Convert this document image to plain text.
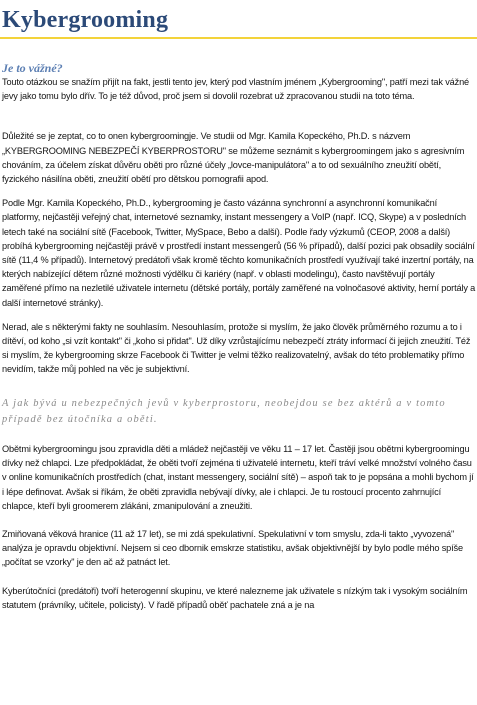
Kybergrooming
Je to vážné?

Touto otázkou se snažím přijít na fakt, jestli tento jev, který pod vlastním jménem „Kybergrooming", patří mezi tak vážné jevy jako tomu bylo dřív. To je též důvod, proč jsem si dovolil rozebrat už zpracovanou studii na toto téma.

Důležité se je zeptat, co to onen kybergroomingje. Ve studii od Mgr. Kamila Kopeckého, Ph.D. s názvem „KYBERGROOMING NEBEZPEČÍ KYBERPROSTORU" se můžeme seznámit s kybergroomingem jako s agresivním chováním, za účelem získat důvěru oběti pro různé účely „lovce-manipulátora" a to od sexuálního zneužití obětí, fyzického násilína oběti, zneužití obětí pro dětskou pornografii apod.

Podle Mgr. Kamila Kopeckého, Ph.D., kybergrooming je často vázánna synchronní a asynchronní komunikační platformy, nejčastěji veřejný chat, internetové seznamky, instant messengery a VoIP (např. ICQ, Skype) a v posledních letech také na sociální sítě (Facebook, Twitter, MySpace, Bebo a další). Podle řady výzkumů (CEOP, 2008 a další) probíhá kybergrooming nejčastěji právě v prostředí instant messengerů (56 % případů), další pozici pak obsadily sociální sítě (11,4 % případů). Internetový predátoři však kromě těchto komunikačních prostředí využívají také inzertní portály, na kterých nabízející dětem různé možnosti výdělku či kariéry (např. v oblasti modelingu), často navštěvují portály zaměřené přímo na nezletilé uživatele internetu (dětské portály, portály zaměřené na volnočasové aktivity, herní portály a další internetové stránky).

Nerad, ale s některými fakty ne souhlasím. Nesouhlasím, protože si myslím, že jako člověk průměrného rozumu a to i dítěví, od koho „si vzít kontakt" či „koho si přidat". Už díky vzrůstajícímu nebezpečí ztráty informací či jejich zneužití. Též si myslím, že kybergrooming skrze Facebook či Twitter je velmi těžko realizovatelný, avšak do této problematiky přímo nevidím, takže můj pohled na věc je subjektivní.

A jak bývá u nebezpečných jevů v kyberprostoru, neobejdou se bez aktérů a v tomto případě bez útočníka a oběti.

Obětmi kybergroomingu jsou zpravidla děti a mládež nejčastěji ve věku 11 – 17 let. Častěji jsou obětmi kybergroomingu dívky než chlapci. Lze předpokládat, že oběti tvoří zejména ti uživatelé internetu, kteří tráví velké množství volného času v online komunikačních prostředích (chat, instant messengery, sociální sítě) – aspoň tak to je popsána a mohli bychom jí i lépe definovat. Avšak si říkám, že oběti zpravidla nebývají dívky, ale i chlapci. Je tu rostoucí procento zahrnující chlapce, kteří byli groomerem zlákáni, zmanipulování a zneužiti.

Zmiňovaná věková hranice (11 až 17 let), se mi zdá spekulativní. Spekulativní v tom smyslu, zda-li takto „vyvozená" analýza je opravdu objektivní. Nejsem si ceo dbornik emskrze statistiku, avšak objektivnější by bylo podle mého spíše „počítat se vzorky" je den ač až patnáct let.

Kyberútočníci (predátoři) tvoří heterogenní skupinu, ve které nalezneme jak uživatele s nízkým tak i vysokým sociálním statutem (právníky, učitele, policisty). V řadě případů oběť pachatele zná a je na
